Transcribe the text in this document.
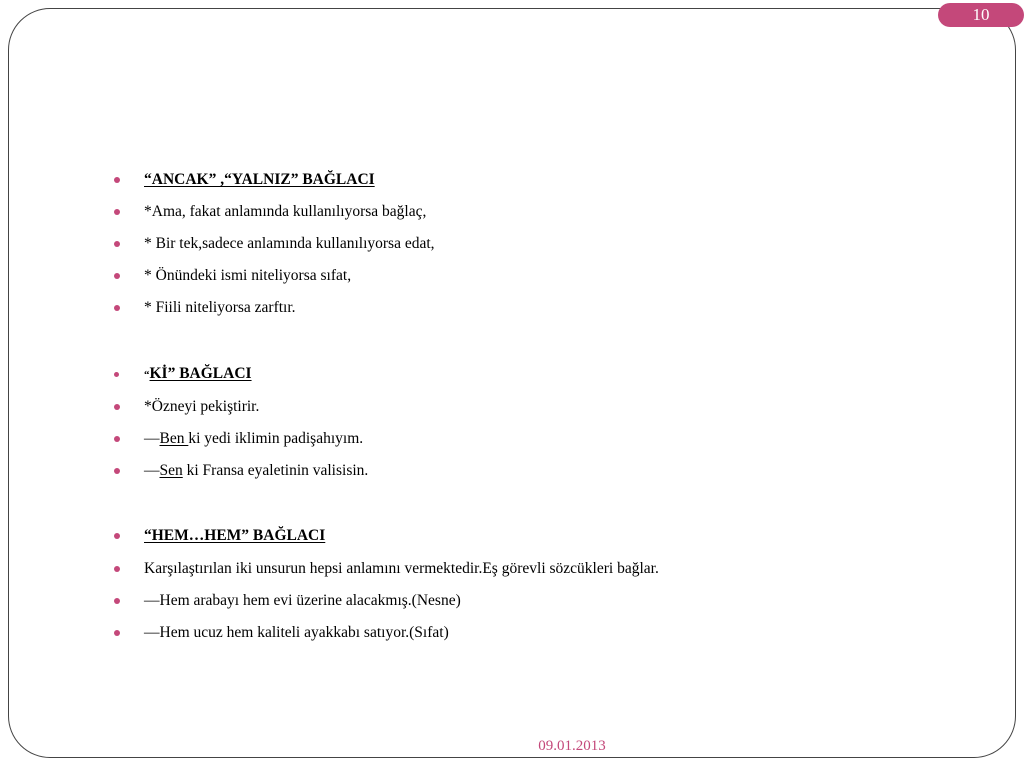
10
“ANCAK” ,“YALNIZ” BAĞLACI
*Ama, fakat anlamında kullanılıyorsa bağlaç,
* Bir tek,sadece anlamında kullanılıyorsa edat,
* Önündeki ismi niteliyorsa sıfat,
* Fiili niteliyorsa zarftır.
“Kİ” BAĞLACI
*Özneyi pekiştirir.
—Ben ki yedi iklimin padişahıyım.
—Sen ki Fransa eyaletinin valisisin.
“HEM…HEM” BAĞLACI
Karşılaştırılan iki unsurun hepsi anlamını vermektedir.Eş görevli sözcükleri bağlar.
—Hem arabayı hem evi üzerine alacakmış.(Nesne)
—Hem ucuz hem kaliteli ayakkabı satıyor.(Sıfat)
09.01.2013
